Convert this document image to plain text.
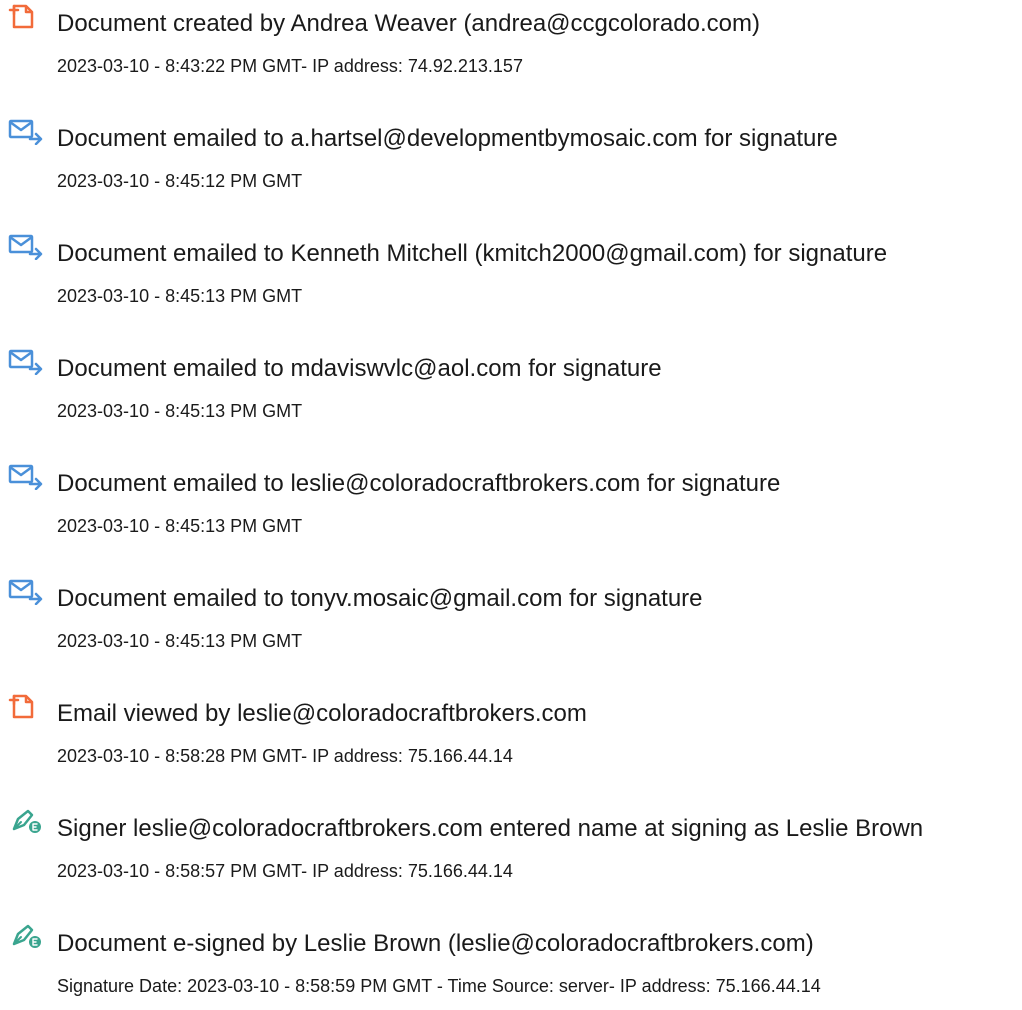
Document created by Andrea Weaver (andrea@ccgcolorado.com)
2023-03-10 - 8:43:22 PM GMT- IP address: 74.92.213.157
Document emailed to a.hartsel@developmentbymosaic.com for signature
2023-03-10 - 8:45:12 PM GMT
Document emailed to Kenneth Mitchell (kmitch2000@gmail.com) for signature
2023-03-10 - 8:45:13 PM GMT
Document emailed to mdaviswvlc@aol.com for signature
2023-03-10 - 8:45:13 PM GMT
Document emailed to leslie@coloradocraftbrokers.com for signature
2023-03-10 - 8:45:13 PM GMT
Document emailed to tonyv.mosaic@gmail.com for signature
2023-03-10 - 8:45:13 PM GMT
Email viewed by leslie@coloradocraftbrokers.com
2023-03-10 - 8:58:28 PM GMT- IP address: 75.166.44.14
Signer leslie@coloradocraftbrokers.com entered name at signing as Leslie Brown
2023-03-10 - 8:58:57 PM GMT- IP address: 75.166.44.14
Document e-signed by Leslie Brown (leslie@coloradocraftbrokers.com)
Signature Date: 2023-03-10 - 8:58:59 PM GMT - Time Source: server- IP address: 75.166.44.14
